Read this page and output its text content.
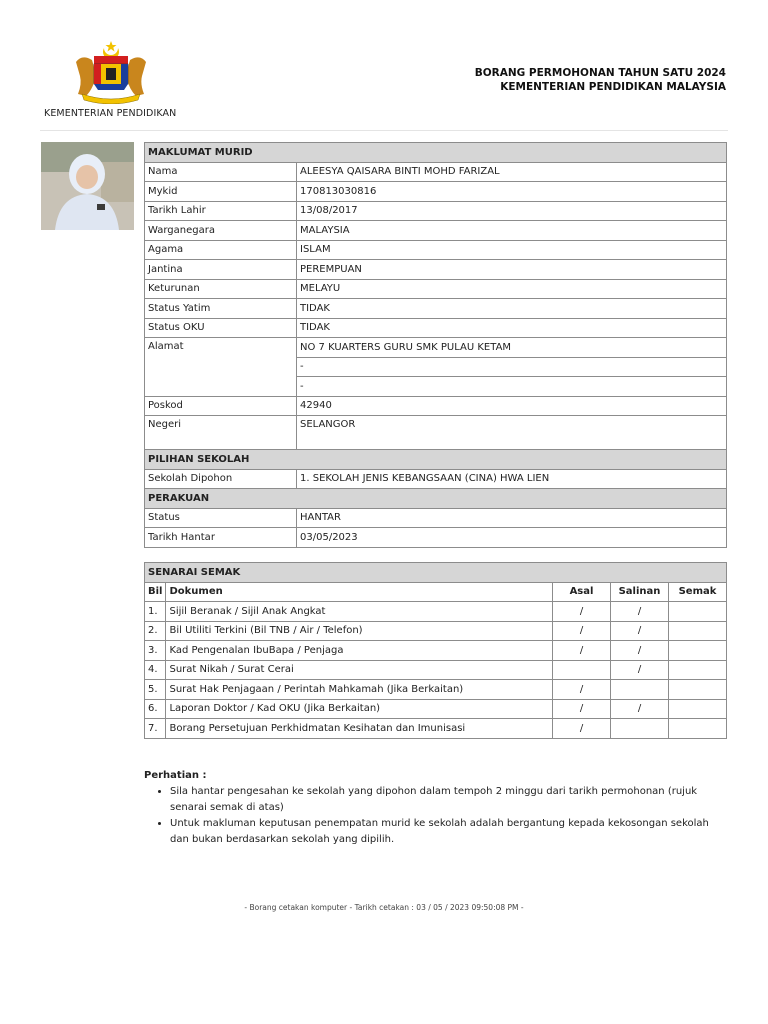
KEMENTERIAN PENDIDIKAN
BORANG PERMOHONAN TAHUN SATU 2024
KEMENTERIAN PENDIDIKAN MALAYSIA
MAKLUMAT MURID	
Nama	ALEESYA QAISARA BINTI MOHD FARIZAL
Mykid	170813030816
Tarikh Lahir	13/08/2017
Warganegara	MALAYSIA
Agama	ISLAM
Jantina	PEREMPUAN
Keturunan	MELAYU
Status Yatim	TIDAK
Status OKU	TIDAK
Alamat	NO 7 KUARTERS GURU SMK PULAU KETAM
	-
	-
Poskod	42940
Negeri	SELANGOR
PILIHAN SEKOLAH	
Sekolah Dipohon	1. SEKOLAH JENIS KEBANGSAAN (CINA) HWA LIEN
PERAKUAN	
Status	HANTAR
Tarikh Hantar	03/05/2023
SENARAI SEMAK				
Bil	Dokumen	Asal	Salinan	Semak
1.	Sijil Beranak / Sijil Anak Angkat	/	/	
2.	Bil Utiliti Terkini (Bil TNB / Air / Telefon)	/	/	
3.	Kad Pengenalan IbuBapa / Penjaga	/	/	
4.	Surat Nikah / Surat Cerai		/	
5.	Surat Hak Penjagaan / Perintah Mahkamah (Jika Berkaitan)	/		
6.	Laporan Doktor / Kad OKU (Jika Berkaitan)	/	/	
7.	Borang Persetujuan Perkhidmatan Kesihatan dan Imunisasi	/		
Perhatian :
• Sila hantar pengesahan ke sekolah yang dipohon dalam tempoh 2 minggu dari tarikh permohonan (rujuk senarai semak di atas)
• Untuk makluman keputusan penempatan murid ke sekolah adalah bergantung kepada kekosongan sekolah dan bukan berdasarkan sekolah yang dipilih.
- Borang cetakan komputer - Tarikh cetakan : 03 / 05 / 2023 09:50:08 PM -
